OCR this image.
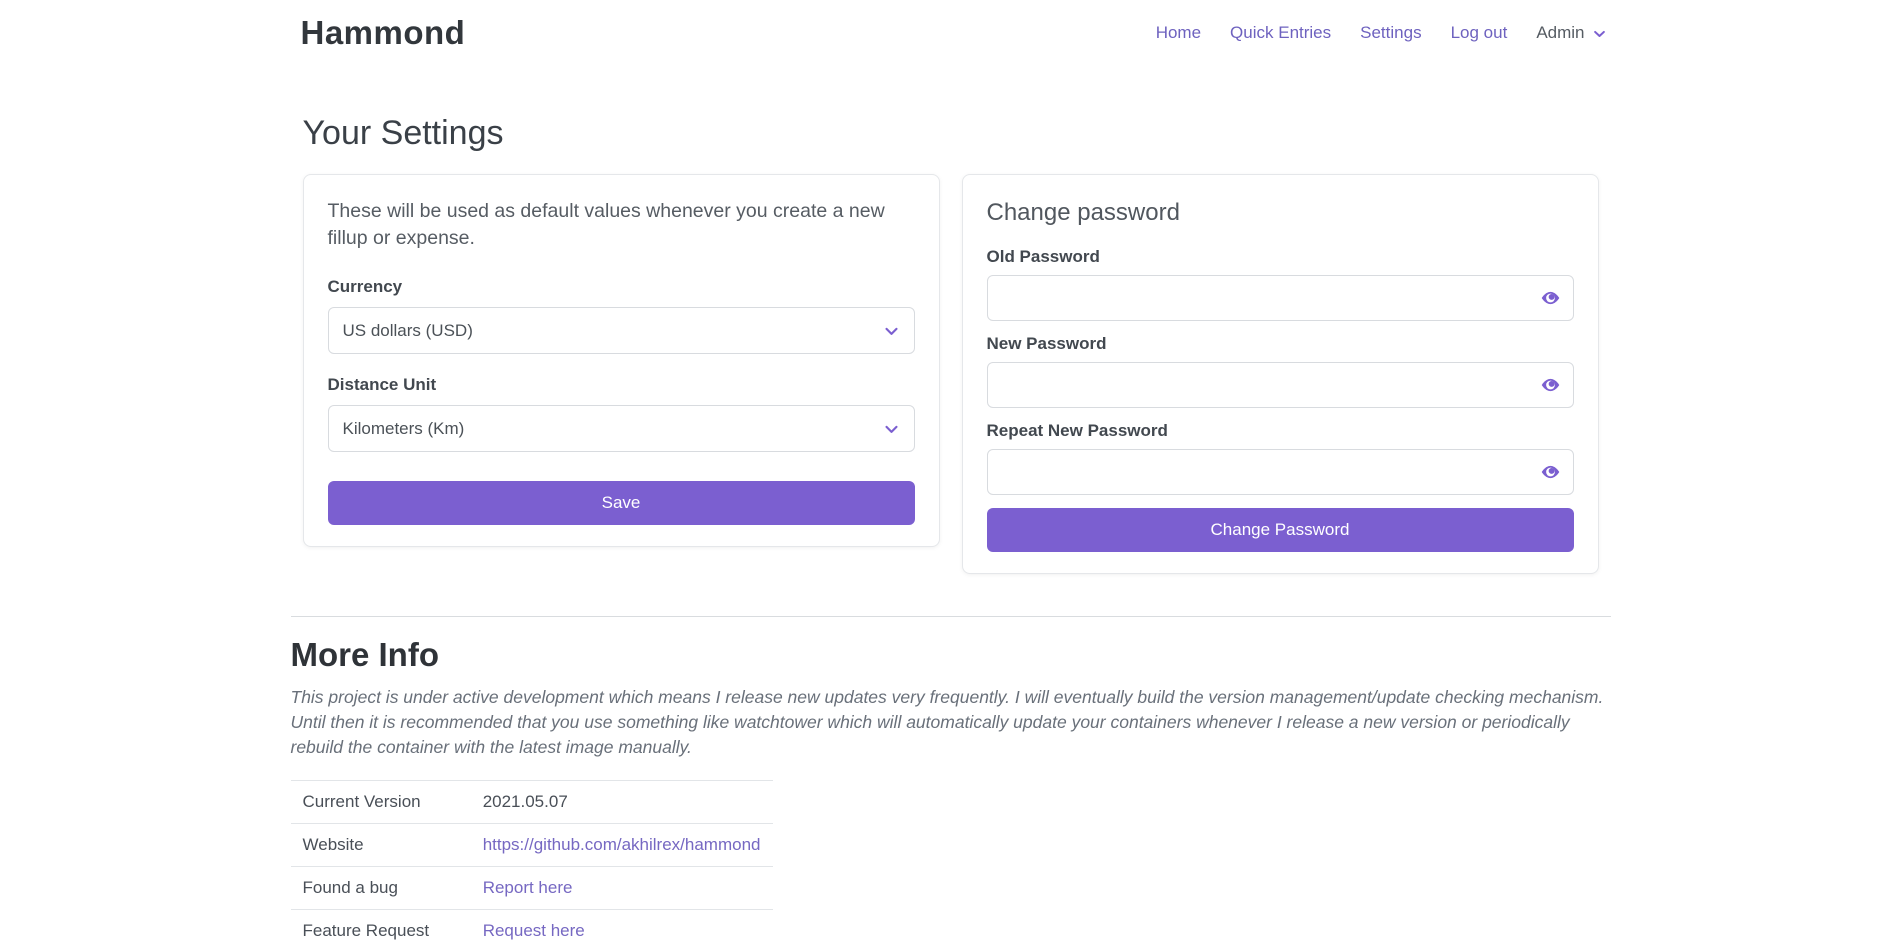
Hammond	Home Quick Entries Settings Log out Admin
Your Settings

These will be used as default values whenever you create a new fillup or expense.

Currency
US dollars (USD)
Distance Unit
Kilometers (Km)
Save
Change password
Old Password
New Password
Repeat New Password
Change Password
More Info

This project is under active development which means I release new updates very frequently. I will eventually build the version management/update checking mechanism. Until then it is recommended that you use something like watchtower which will automatically update your containers whenever I release a new version or periodically rebuild the container with the latest image manually.

Current Version	2021.05.07
Website	https://github.com/akhilrex/hammond
Found a bug	Report here
Feature Request	Request here
